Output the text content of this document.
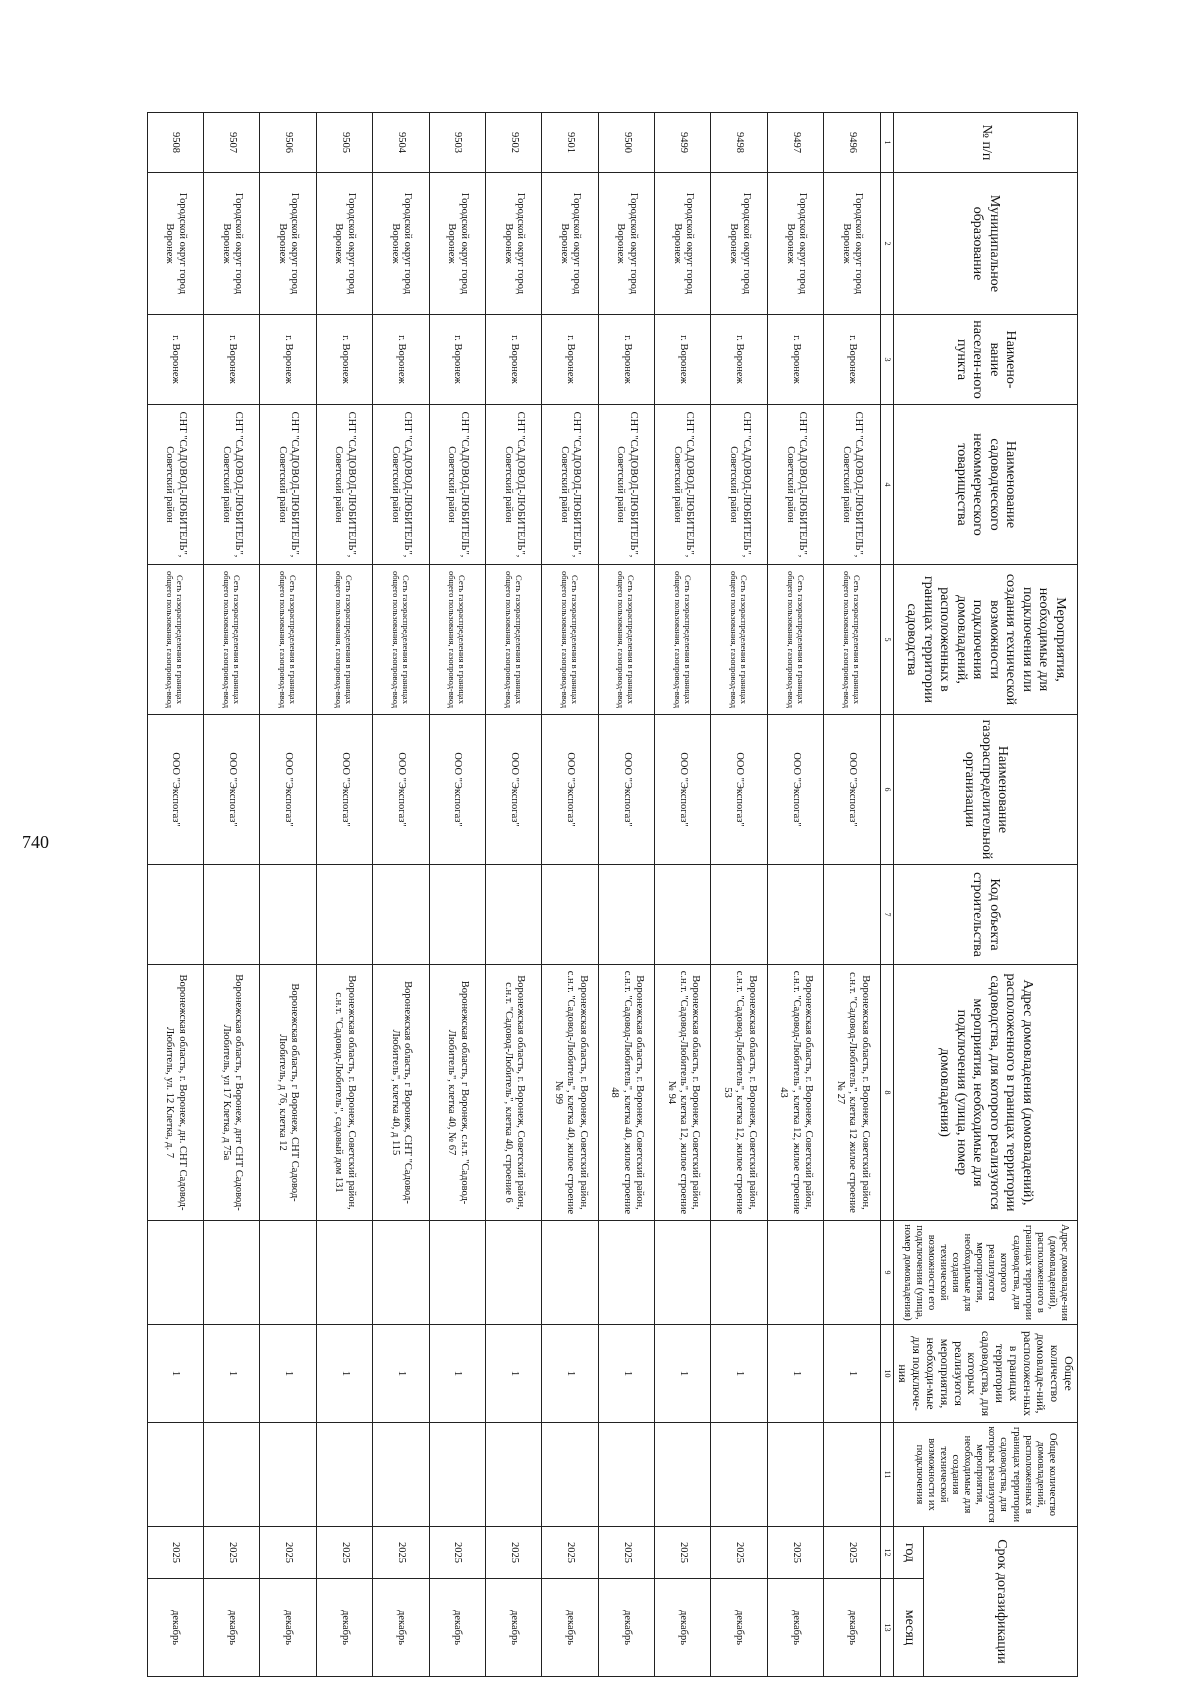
740
№ п/п	Муниципальное образование	Наимено-вание населен-ного пункта	Наименование садоводческого некоммерческого товарищества	Мероприятия, необходимые для подключения или создания технической возможности подключения домовладений, расположенных в границах территории садоводства	Наименование газораспределительной организации	Код объекта строительства	Адрес домовладения (домовладений), расположенного в границах территории садоводства, для которого реализуются мероприятия, необходимые для подключения (улица, номер домовладения)	Адрес домовладе-ния (домовладений), расположенного в границах территории садоводства, для которого реализуются мероприятия, необходимые для создания технической возможности его подключения (улица, номер домовладения)	Общее количество домовладе-ний, расположен-ных в границах территории садоводства, для которых реализуются мероприятия, необходи-мые для подключе-ния	Общее количество домовладений, расположенных в границах территории садоводства, для которых реализуются мероприятия, необходимые для создания технической возможности их подключения	Срок догазификации	
											год	месяц
1	2	3	4	5	6	7	8	9	10	11	12	13
9496	Городской округ город Воронеж	г. Воронеж	СНТ "САДОВОД-ЛЮБИТЕЛЬ", Советский район	Сеть газораспределения в границах общего пользования, газопровод-ввод	ООО "Экспогаз"		Воронежская область, г. Воронеж, Советский район, с.н.т. "Садовод-Любитель", клетка 12 жилое строение № 27		1		2025	декабрь
9497	Городской округ город Воронеж	г. Воронеж	СНТ "САДОВОД-ЛЮБИТЕЛЬ", Советский район	Сеть газораспределения в границах общего пользования, газопровод-ввод	ООО "Экспогаз"		Воронежская область, г. Воронеж, Советский район, с.н.т. "Садовод-Любитель", клетка 12, жилое строение 43		1		2025	декабрь
9498	Городской округ город Воронеж	г. Воронеж	СНТ "САДОВОД-ЛЮБИТЕЛЬ", Советский район	Сеть газораспределения в границах общего пользования, газопровод-ввод	ООО "Экспогаз"		Воронежская область, г. Воронеж, Советский район, с.н.т. "Садовод-Любитель", клетка 12, жилое строение 53		1		2025	декабрь
9499	Городской округ город Воронеж	г. Воронеж	СНТ "САДОВОД-ЛЮБИТЕЛЬ", Советский район	Сеть газораспределения в границах общего пользования, газопровод-ввод	ООО "Экспогаз"		Воронежская область, г. Воронеж, Советский район, с.н.т. "Садовод-Любитель", клетка 12, жилое строение № 94		1		2025	декабрь
9500	Городской округ город Воронеж	г. Воронеж	СНТ "САДОВОД-ЛЮБИТЕЛЬ", Советский район	Сеть газораспределения в границах общего пользования, газопровод-ввод	ООО "Экспогаз"		Воронежская область, г. Воронеж, Советский район, с.н.т. "Садовод-Любитель", клетка 40, жилое строение 48		1		2025	декабрь
9501	Городской округ город Воронеж	г. Воронеж	СНТ "САДОВОД-ЛЮБИТЕЛЬ", Советский район	Сеть газораспределения в границах общего пользования, газопровод-ввод	ООО "Экспогаз"		Воронежская область, г. Воронеж, Советский район, с.н.т. "Садовод-Любитель", клетка 40, жилое строение № 99		1		2025	декабрь
9502	Городской округ город Воронеж	г. Воронеж	СНТ "САДОВОД-ЛЮБИТЕЛЬ", Советский район	Сеть газораспределения в границах общего пользования, газопровод-ввод	ООО "Экспогаз"		Воронежская область, г. Воронеж, Советский район, с.н.т. "Садовод-Любитель", клетка 40, строение 6		1		2025	декабрь
9503	Городской округ город Воронеж	г. Воронеж	СНТ "САДОВОД-ЛЮБИТЕЛЬ", Советский район	Сеть газораспределения в границах общего пользования, газопровод-ввод	ООО "Экспогаз"		Воронежская область, г Воронеж, с.н.т. "Садовод-Любитель", клетка 40, № 67		1		2025	декабрь
9504	Городской округ город Воронеж	г. Воронеж	СНТ "САДОВОД-ЛЮБИТЕЛЬ", Советский район	Сеть газораспределения в границах общего пользования, газопровод-ввод	ООО "Экспогаз"		Воронежская область, г Воронеж, СНТ "Садовод-Любитель", клетка 40, д 115		1		2025	декабрь
9505	Городской округ город Воронеж	г. Воронеж	СНТ "САДОВОД-ЛЮБИТЕЛЬ", Советский район	Сеть газораспределения в границах общего пользования, газопровод-ввод	ООО "Экспогаз"		Воронежская область, г. Воронеж, Советский район, с.н.т. "Садовод-Любитель", садовый дом 131		1		2025	декабрь
9506	Городской округ город Воронеж	г. Воронеж	СНТ "САДОВОД-ЛЮБИТЕЛЬ", Советский район	Сеть газораспределения в границах общего пользования, газопровод-ввод	ООО "Экспогаз"		Воронежская область, г Воронеж, СНТ Садовод-Любитель, д 76, клетка 12		1		2025	декабрь
9507	Городской округ город Воронеж	г. Воронеж	СНТ "САДОВОД-ЛЮБИТЕЛЬ", Советский район	Сеть газораспределения в границах общего пользования, газопровод-ввод	ООО "Экспогаз"		Воронежская область, г Воронеж, днт СНТ Садовод-Любитель, ул 17 Клетка, д 75а		1		2025	декабрь
9508	Городской округ город Воронеж	г. Воронеж	СНТ "САДОВОД-ЛЮБИТЕЛЬ", Советский район	Сеть газораспределения в границах общего пользования, газопровод-ввод	ООО "Экспогаз"		Воронежская область, г. Воронеж, дн. СНТ Садовод-Любитель, ул. 12 Клетка, д. 7		1		2025	декабрь
